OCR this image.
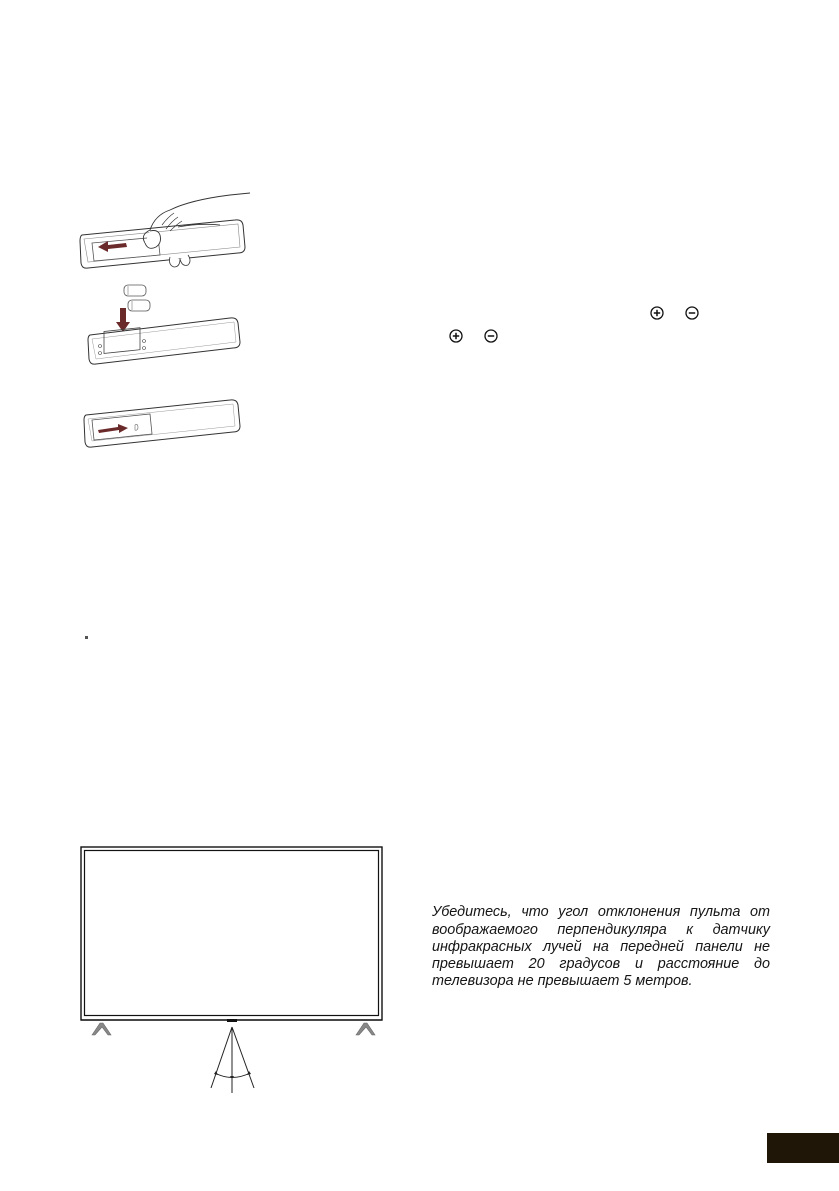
Убедитесь, что угол отклонения пульта от воображаемого перпендикуляра к датчику инфракрасных лучей на передней панели не превышает 20 градусов и расстояние до телевизора не превышает 5 метров.
